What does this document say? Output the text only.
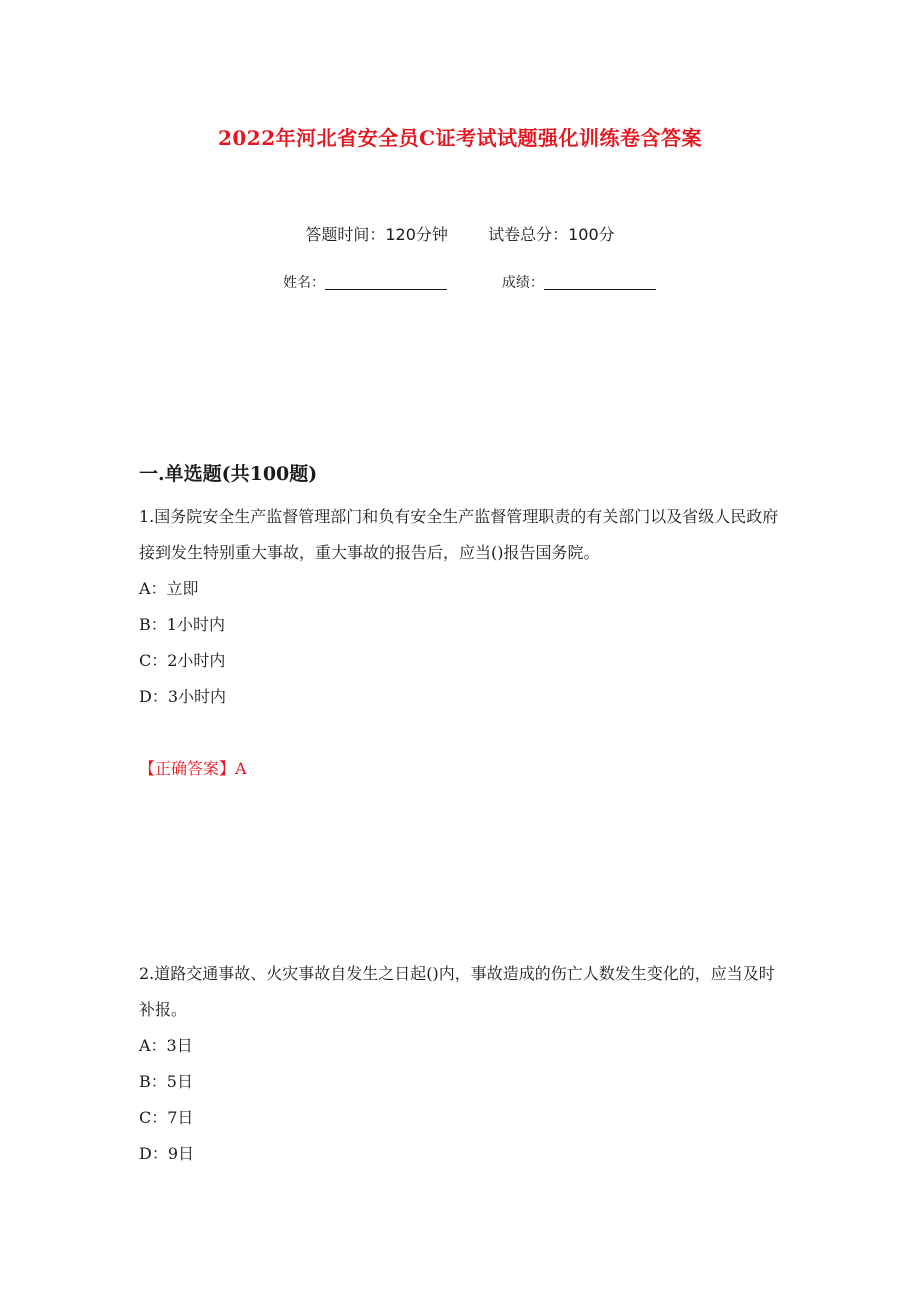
2022年河北省安全员C证考试试题强化训练卷含答案
答题时间：120分钟	试卷总分：100分
姓名：	成绩：
一.单选题(共100题)

1.国务院安全生产监督管理部门和负有安全生产监督管理职责的有关部门以及省级人民政府接到发生特别重大事故，重大事故的报告后，应当()报告国务院。

A：立即

B：1小时内

C：2小时内

D：3小时内

【正确答案】A

2.道路交通事故、火灾事故自发生之日起()内，事故造成的伤亡人数发生变化的，应当及时补报。

A：3日

B：5日

C：7日

D：9日
